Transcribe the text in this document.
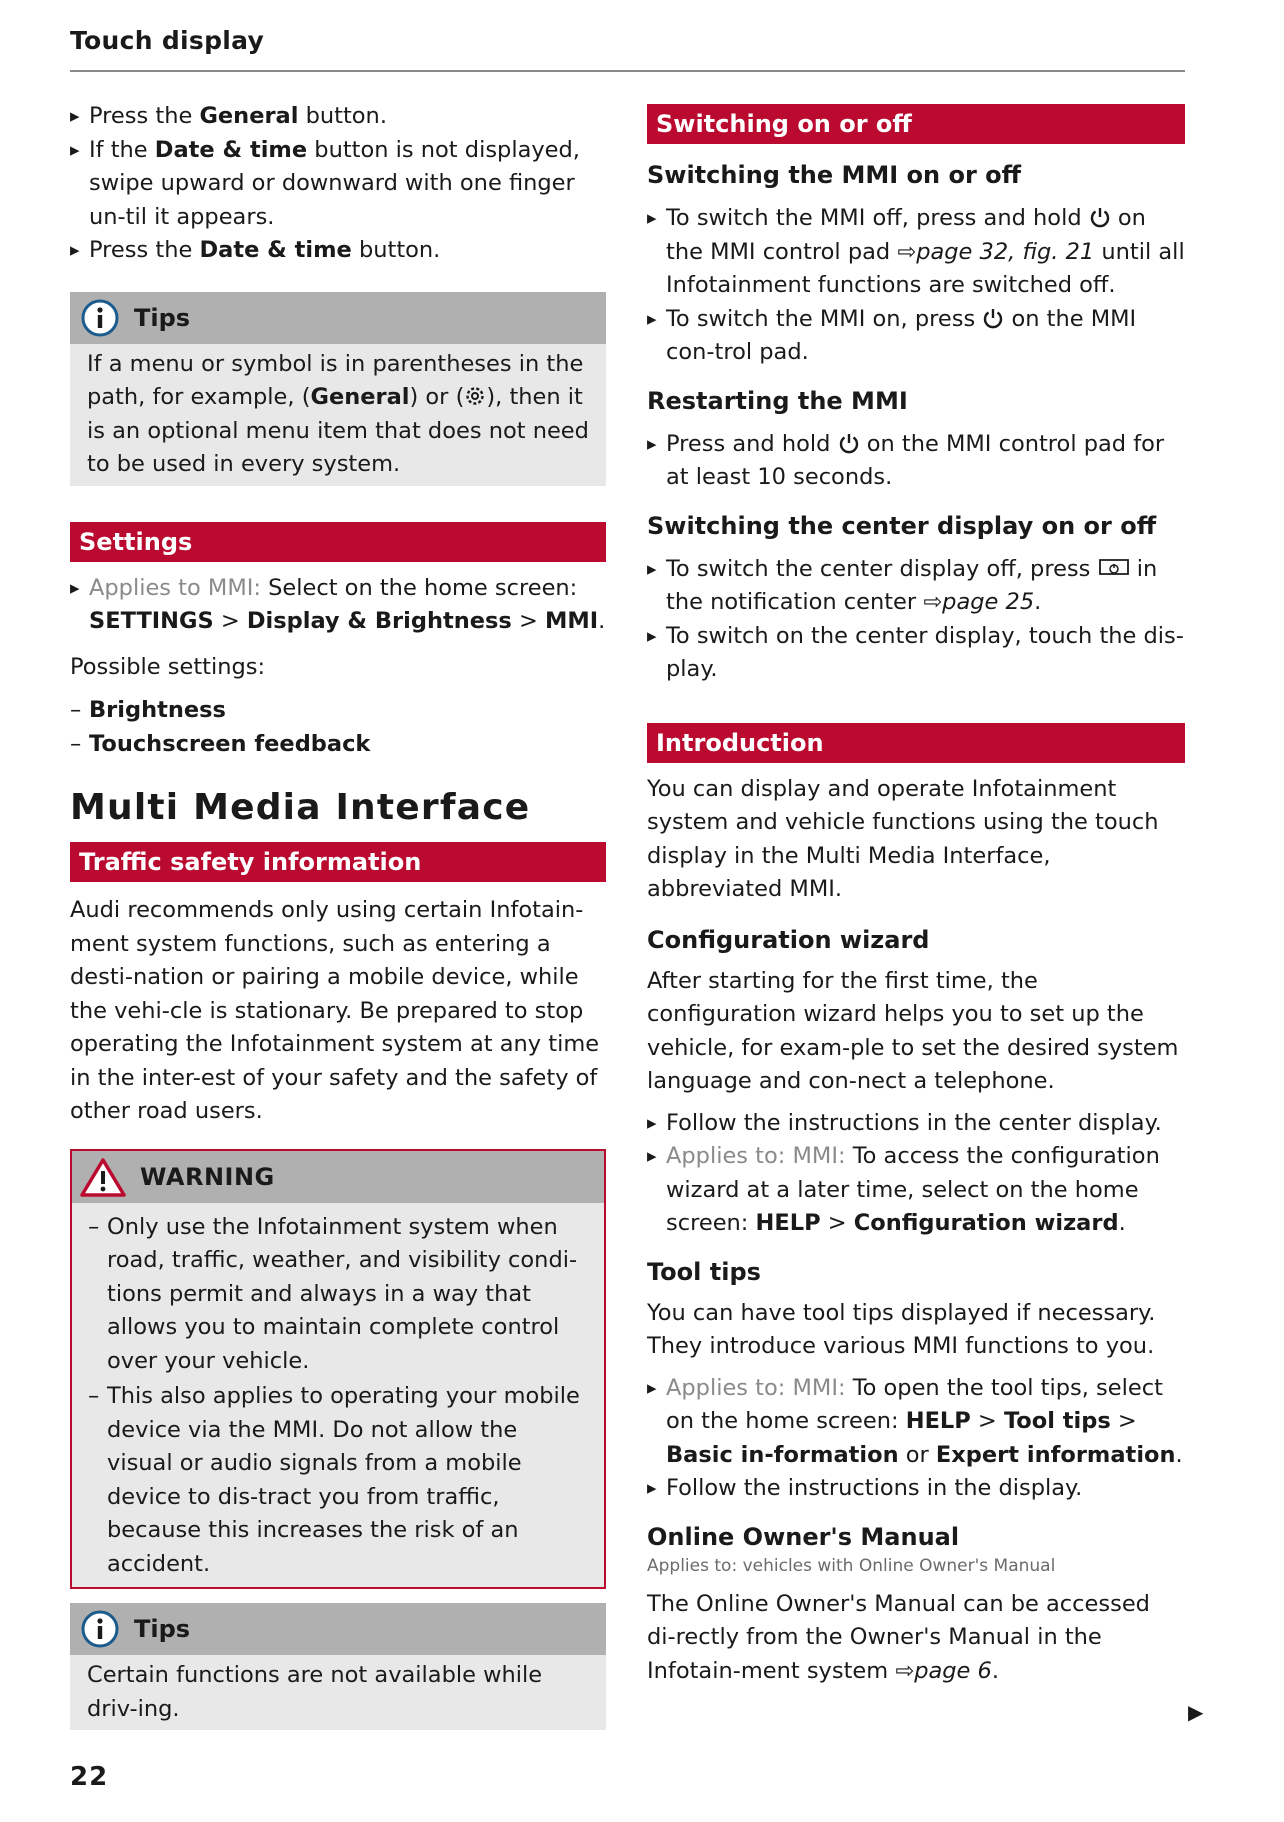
Touch display
▸ Press the General button.
▸ If the Date & time button is not displayed, swipe upward or downward with one finger un-til it appears.
▸ Press the Date & time button.
Tips

If a menu or symbol is in parentheses in the path, for example, (General) or ( ), then it is an optional menu item that does not need to be used in every system.

Settings
▸ Applies to MMI: Select on the home screen:
SETTINGS > Display & Brightness > MMI.

Possible settings:

– Brightness
– Touchscreen feedback
Multi Media Interface
Traffic safety information

Audi recommends only using certain Infotain-ment system functions, such as entering a desti-nation or pairing a mobile device, while the vehi-cle is stationary. Be prepared to stop operating the Infotainment system at any time in the inter-est of your safety and the safety of other road users.

WARNING
– Only use the Infotainment system when road, traffic, weather, and visibility condi-tions permit and always in a way that allows you to maintain complete control over your vehicle.
– This also applies to operating your mobile device via the MMI. Do not allow the visual or audio signals from a mobile device to dis-tract you from traffic, because this increases the risk of an accident.
Tips

Certain functions are not available while driv-ing.

Switching on or off
Switching the MMI on or off
▸ To switch the MMI off, press and hold  on the MMI control pad ⇨page 32, fig. 21 until all Infotainment functions are switched off.
▸ To switch the MMI on, press  on the MMI con-trol pad.
Restarting the MMI
▸ Press and hold  on the MMI control pad for at least 10 seconds.
Switching the center display on or off
▸ To switch the center display off, press  in the notification center ⇨page 25.
▸ To switch on the center display, touch the dis-play.
Introduction

You can display and operate Infotainment system and vehicle functions using the touch display in the Multi Media Interface, abbreviated MMI.

Configuration wizard

After starting for the first time, the configuration wizard helps you to set up the vehicle, for exam-ple to set the desired system language and con-nect a telephone.

▸ Follow the instructions in the center display.
▸ Applies to: MMI: To access the configuration wizard at a later time, select on the home screen: HELP > Configuration wizard.
Tool tips

You can have tool tips displayed if necessary. They introduce various MMI functions to you.

▸ Applies to: MMI: To open the tool tips, select on the home screen: HELP > Tool tips > Basic in-formation or Expert information.
▸ Follow the instructions in the display.
Online Owner's Manual

Applies to: vehicles with Online Owner's Manual

The Online Owner's Manual can be accessed di-rectly from the Owner's Manual in the Infotain-ment system ⇨page 6.

▶
22
